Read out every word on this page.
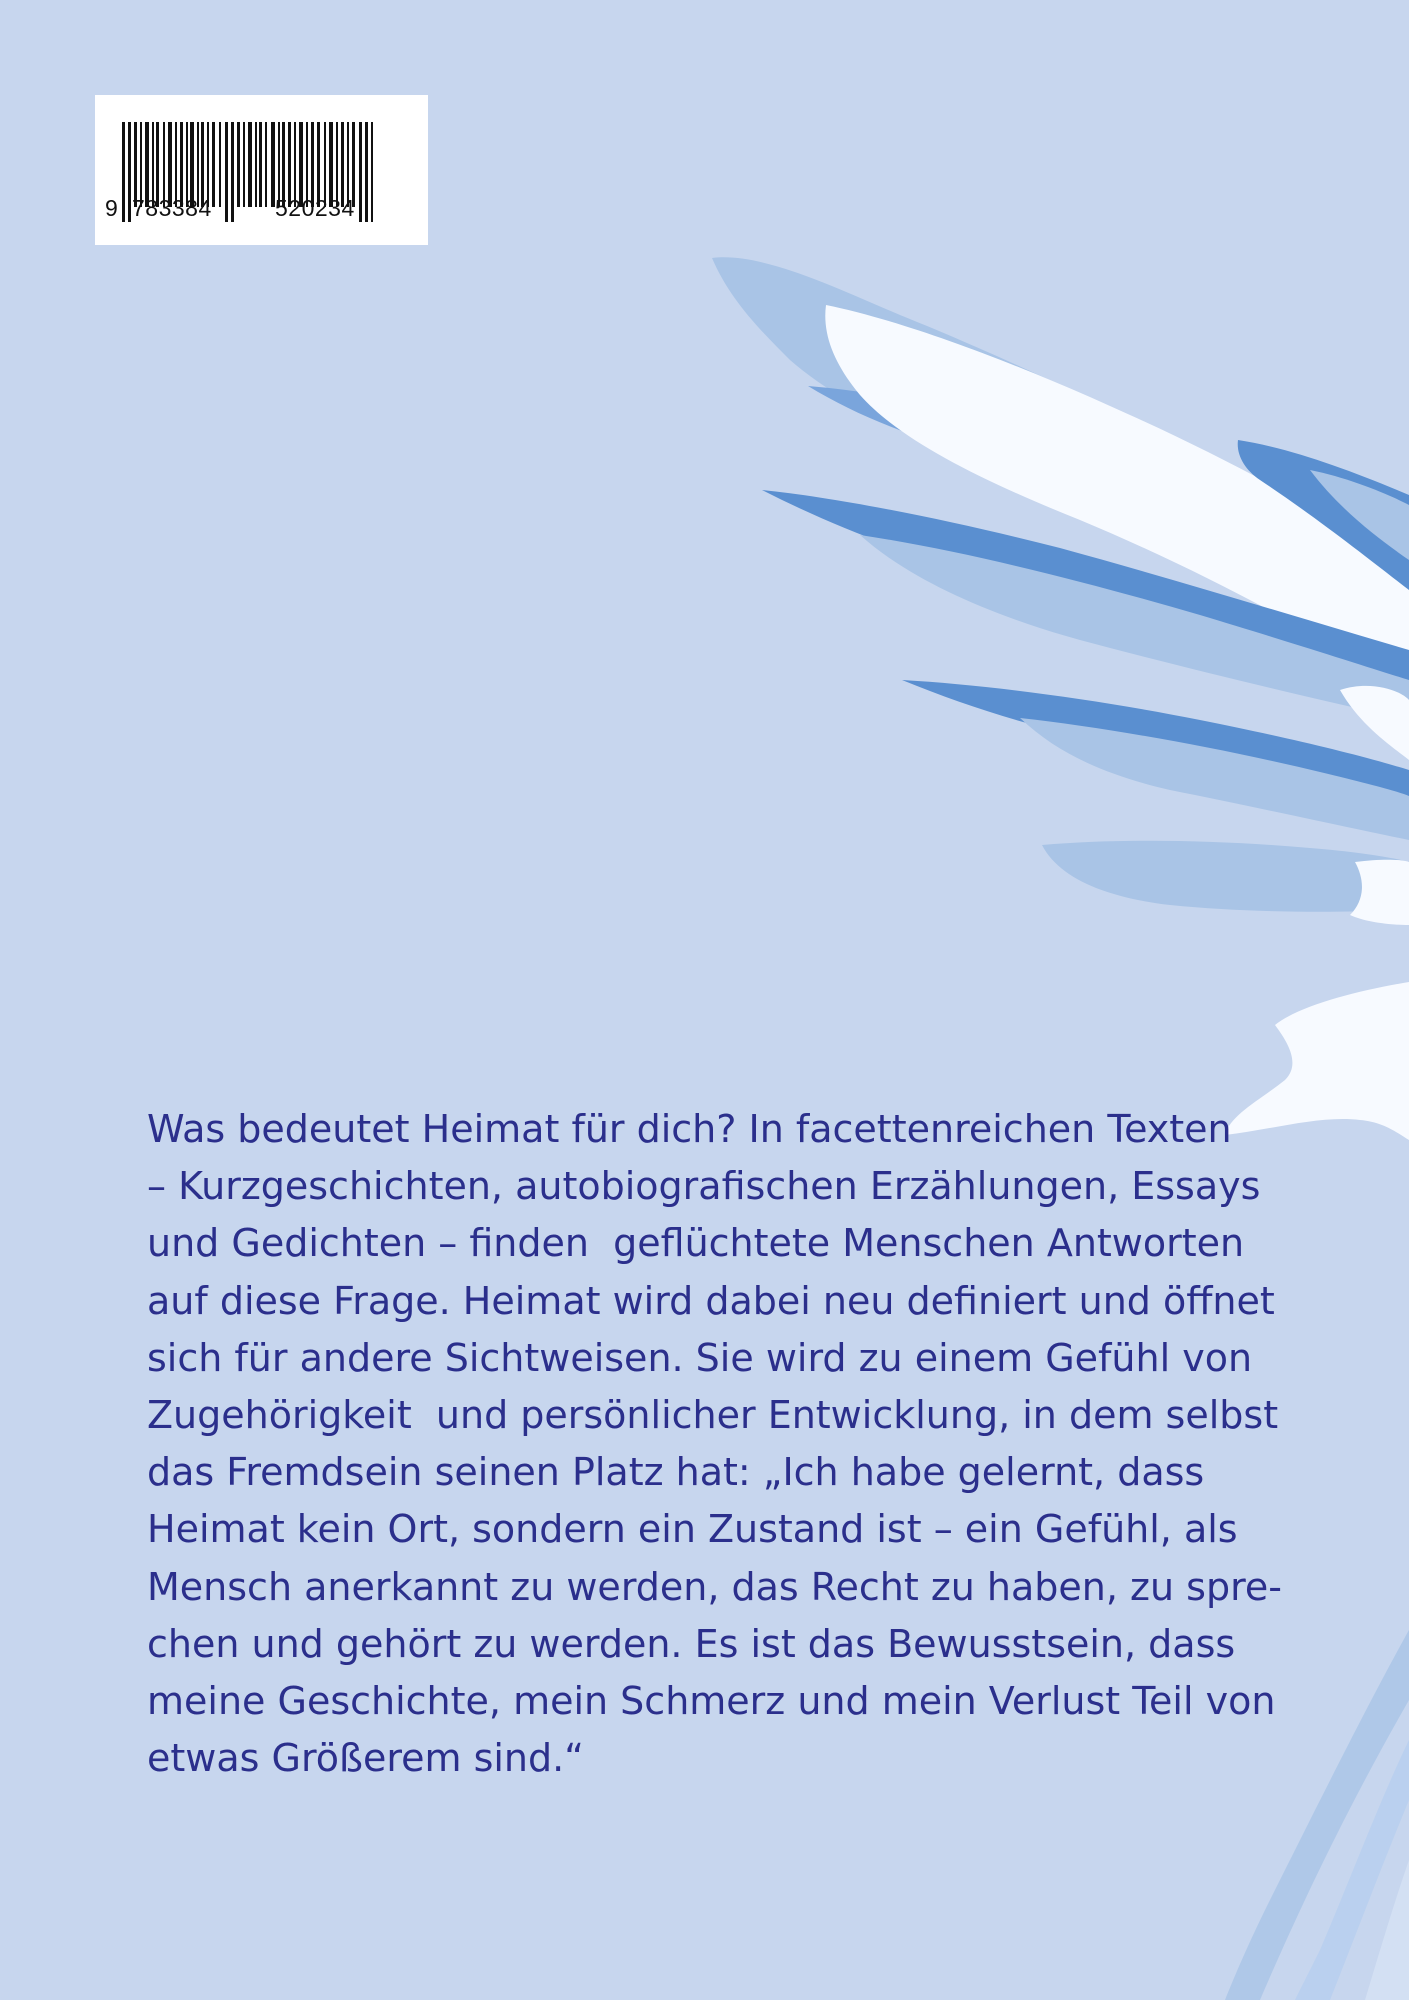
9 783384	520234
Was bedeutet Heimat für dich? In facettenreichen Texten
– Kurzgeschichten, autobiografischen Erzählungen, Essays
und Gedichten – finden  geflüchtete Menschen Antworten
auf diese Frage. Heimat wird dabei neu definiert und öffnet
sich für andere Sichtweisen. Sie wird zu einem Gefühl von
Zugehörigkeit  und persönlicher Entwicklung, in dem selbst
das Fremdsein seinen Platz hat: „Ich habe gelernt, dass
Heimat kein Ort, sondern ein Zustand ist – ein Gefühl, als
Mensch anerkannt zu werden, das Recht zu haben, zu spre-
chen und gehört zu werden. Es ist das Bewusstsein, dass
meine Geschichte, mein Schmerz und mein Verlust Teil von
etwas Größerem sind.“
